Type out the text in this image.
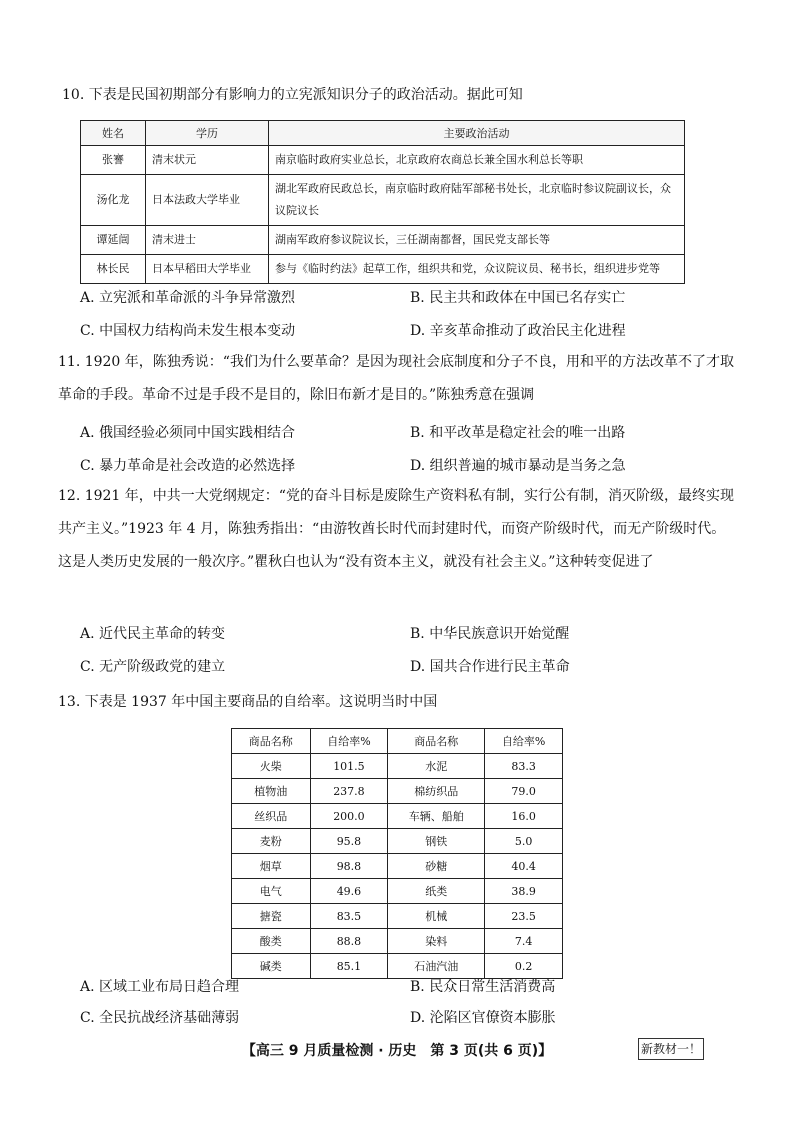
10. 下表是民国初期部分有影响力的立宪派知识分子的政治活动。据此可知
姓名	学历	主要政治活动
张謇	清末状元	南京临时政府实业总长，北京政府农商总长兼全国水利总长等职
汤化龙	日本法政大学毕业	湖北军政府民政总长，南京临时政府陆军部秘书处长，北京临时参议院副议长，众议院议长
谭延闿	清末进士	湖南军政府参议院议长，三任湖南都督，国民党支部长等
林长民	日本早稻田大学毕业	参与《临时约法》起草工作，组织共和党，众议院议员、秘书长，组织进步党等
A. 立宪派和革命派的斗争异常激烈	B. 民主共和政体在中国已名存实亡
C. 中国权力结构尚未发生根本变动	D. 辛亥革命推动了政治民主化进程
11. 1920 年，陈独秀说：“我们为什么要革命？是因为现社会底制度和分子不良，用和平的方法改革不了才取革命的手段。革命不过是手段不是目的，除旧布新才是目的。”陈独秀意在强调
A. 俄国经验必须同中国实践相结合	B. 和平改革是稳定社会的唯一出路
C. 暴力革命是社会改造的必然选择	D. 组织普遍的城市暴动是当务之急
12. 1921 年，中共一大党纲规定：“党的奋斗目标是废除生产资料私有制，实行公有制，消灭阶级，最终实现共产主义。”1923 年 4 月，陈独秀指出：“由游牧酋长时代而封建时代，而资产阶级时代，而无产阶级时代。这是人类历史发展的一般次序。”瞿秋白也认为“没有资本主义，就没有社会主义。”这种转变促进了
A. 近代民主革命的转变	B. 中华民族意识开始觉醒
C. 无产阶级政党的建立	D. 国共合作进行民主革命
13. 下表是 1937 年中国主要商品的自给率。这说明当时中国
商品名称	自给率%	商品名称	自给率%
火柴	101.5	水泥	83.3
植物油	237.8	棉纺织品	79.0
丝织品	200.0	车辆、船舶	16.0
麦粉	95.8	钢铁	5.0
烟草	98.8	砂糖	40.4
电气	49.6	纸类	38.9
搪瓷	83.5	机械	23.5
酸类	88.8	染料	7.4
碱类	85.1	石油汽油	0.2
A. 区域工业布局日趋合理	B. 民众日常生活消费高
C. 全民抗战经济基础薄弱	D. 沦陷区官僚资本膨胀
【高三 9 月质量检测 · 历史　第 3 页(共 6 页)】	新教材一！
